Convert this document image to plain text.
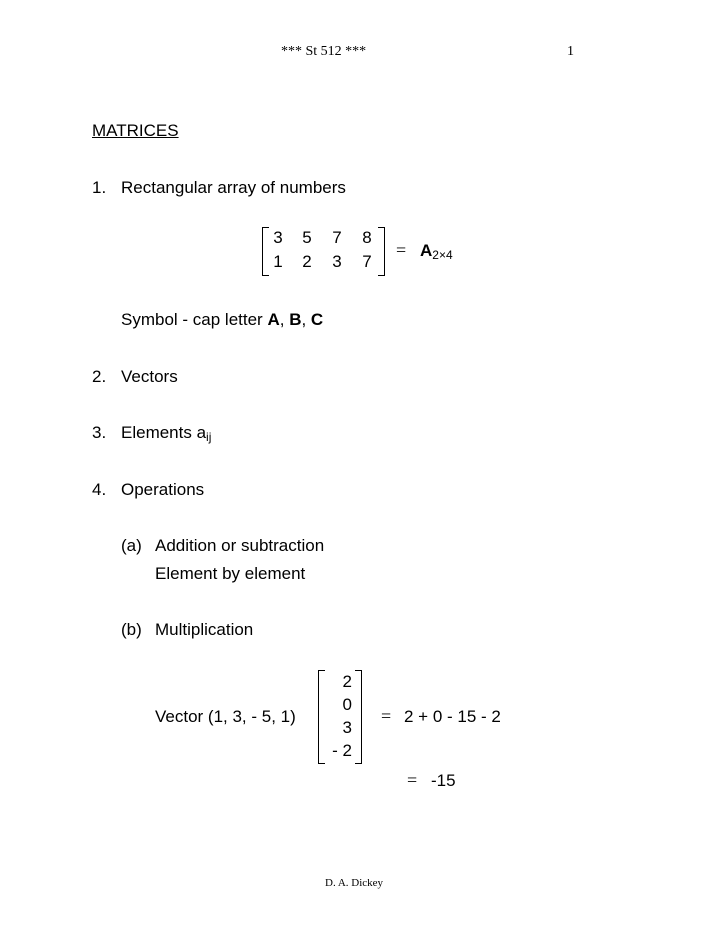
*** St 512 ***	1
MATRICES
1. Rectangular array of numbers
3	5	7	8
1	2	3	7
= $A_{2\times 4}$
Symbol - cap letter A, B, C
2. Vectors
3. Elements $a_{ij}$
4. Operations
(a) Addition or subtraction
Element by element
(b) Multiplication
Vector (1, 3, - 5, 1)
2
0
3
- 2
= 2 + 0 - 15 - 2
= -15
D. A. Dickey
